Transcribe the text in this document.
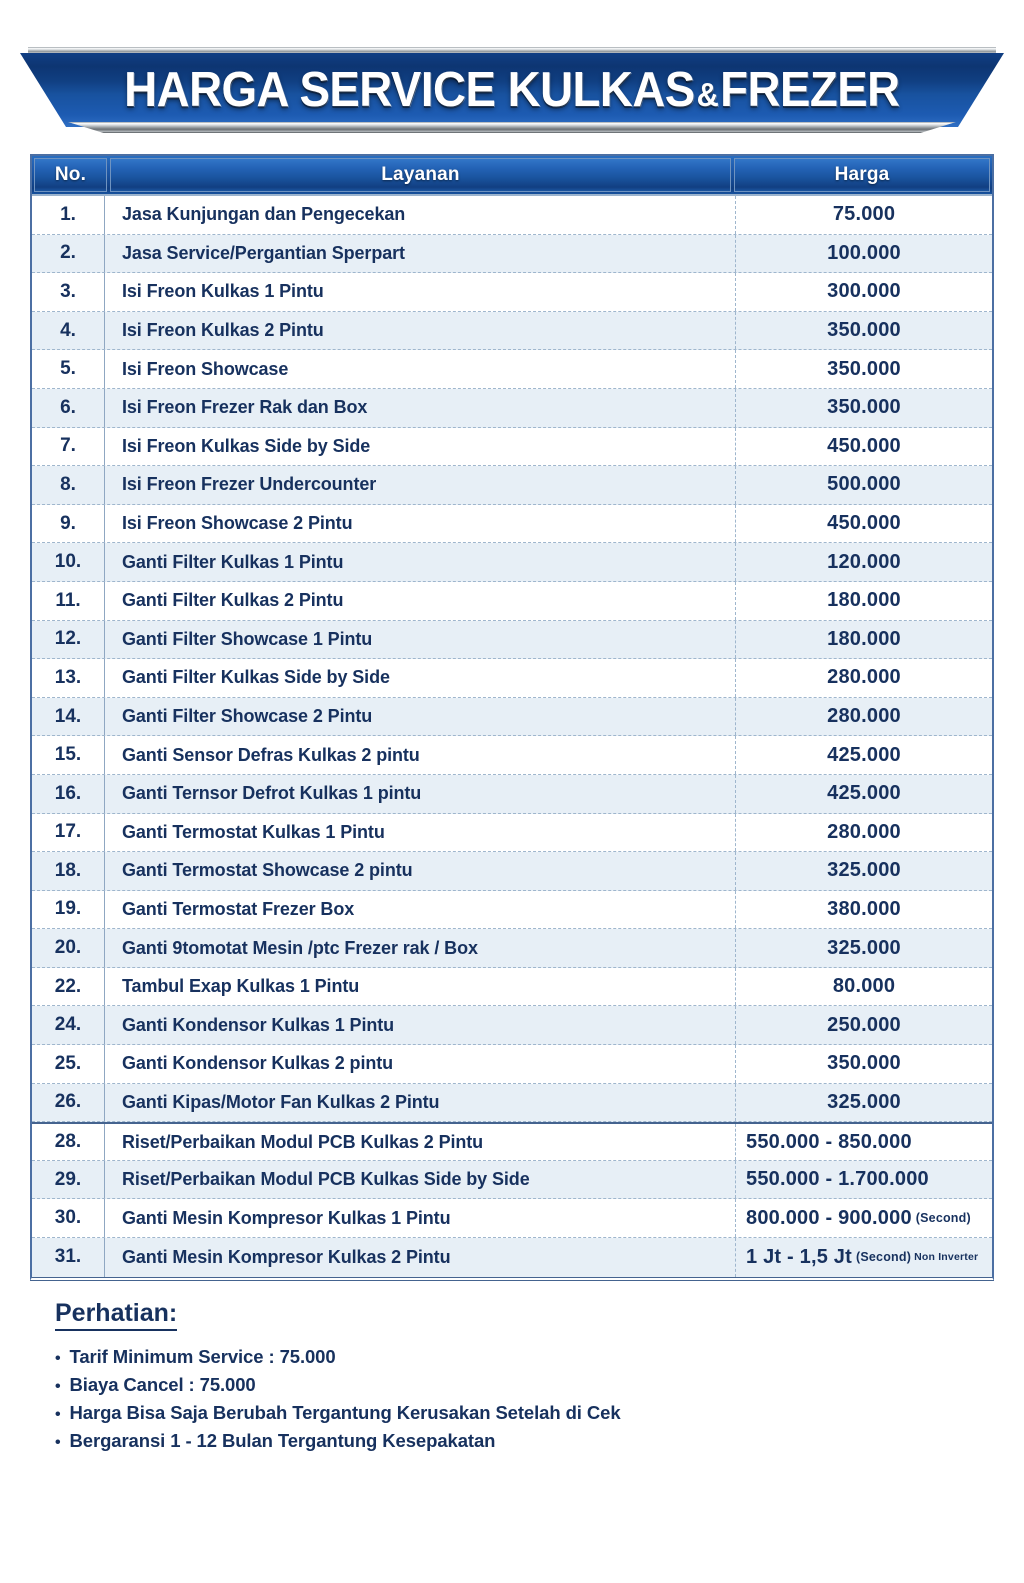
HARGA SERVICE KULKAS&FREZER
No.	Layanan	Harga
1.	Jasa Kunjungan dan Pengecekan	75.000
2.	Jasa Service/Pergantian Sperpart	100.000
3.	Isi Freon Kulkas 1 Pintu	300.000
4.	Isi Freon Kulkas 2 Pintu	350.000
5.	Isi Freon Showcase	350.000
6.	Isi Freon Frezer Rak dan Box	350.000
7.	Isi Freon Kulkas Side by Side	450.000
8.	Isi Freon Frezer Undercounter	500.000
9.	Isi Freon Showcase 2 Pintu	450.000
10.	Ganti Filter Kulkas 1 Pintu	120.000
11.	Ganti Filter Kulkas 2 Pintu	180.000
12.	Ganti Filter Showcase 1 Pintu	180.000
13.	Ganti Filter Kulkas Side by Side	280.000
14.	Ganti Filter Showcase 2 Pintu	280.000
15.	Ganti Sensor Defras Kulkas 2 pintu	425.000
16.	Ganti Ternsor Defrot Kulkas 1 pintu	425.000
17.	Ganti Termostat Kulkas 1 Pintu	280.000
18.	Ganti Termostat Showcase 2 pintu	325.000
19.	Ganti Termostat Frezer Box	380.000
20.	Ganti 9tomotat Mesin /ptc Frezer rak / Box	325.000
22.	Tambul Exap Kulkas 1 Pintu	80.000
24.	Ganti Kondensor Kulkas 1 Pintu	250.000
25.	Ganti Kondensor Kulkas 2 pintu	350.000
26.	Ganti Kipas/Motor Fan Kulkas 2 Pintu	325.000
28.	Riset/Perbaikan Modul PCB Kulkas 2 Pintu	550.000 - 850.000
29.	Riset/Perbaikan Modul PCB Kulkas Side by Side	550.000 - 1.700.000
30.	Ganti Mesin Kompresor Kulkas 1 Pintu	800.000 - 900.000 (Second)
31.	Ganti Mesin Kompresor Kulkas 2 Pintu	1 Jt - 1,5 Jt (Second) Non Inverter
Perhatian:
• Tarif Minimum Service : 75.000
• Biaya Cancel : 75.000
• Harga Bisa Saja Berubah Tergantung Kerusakan Setelah di Cek
• Bergaransi 1 - 12 Bulan Tergantung Kesepakatan
